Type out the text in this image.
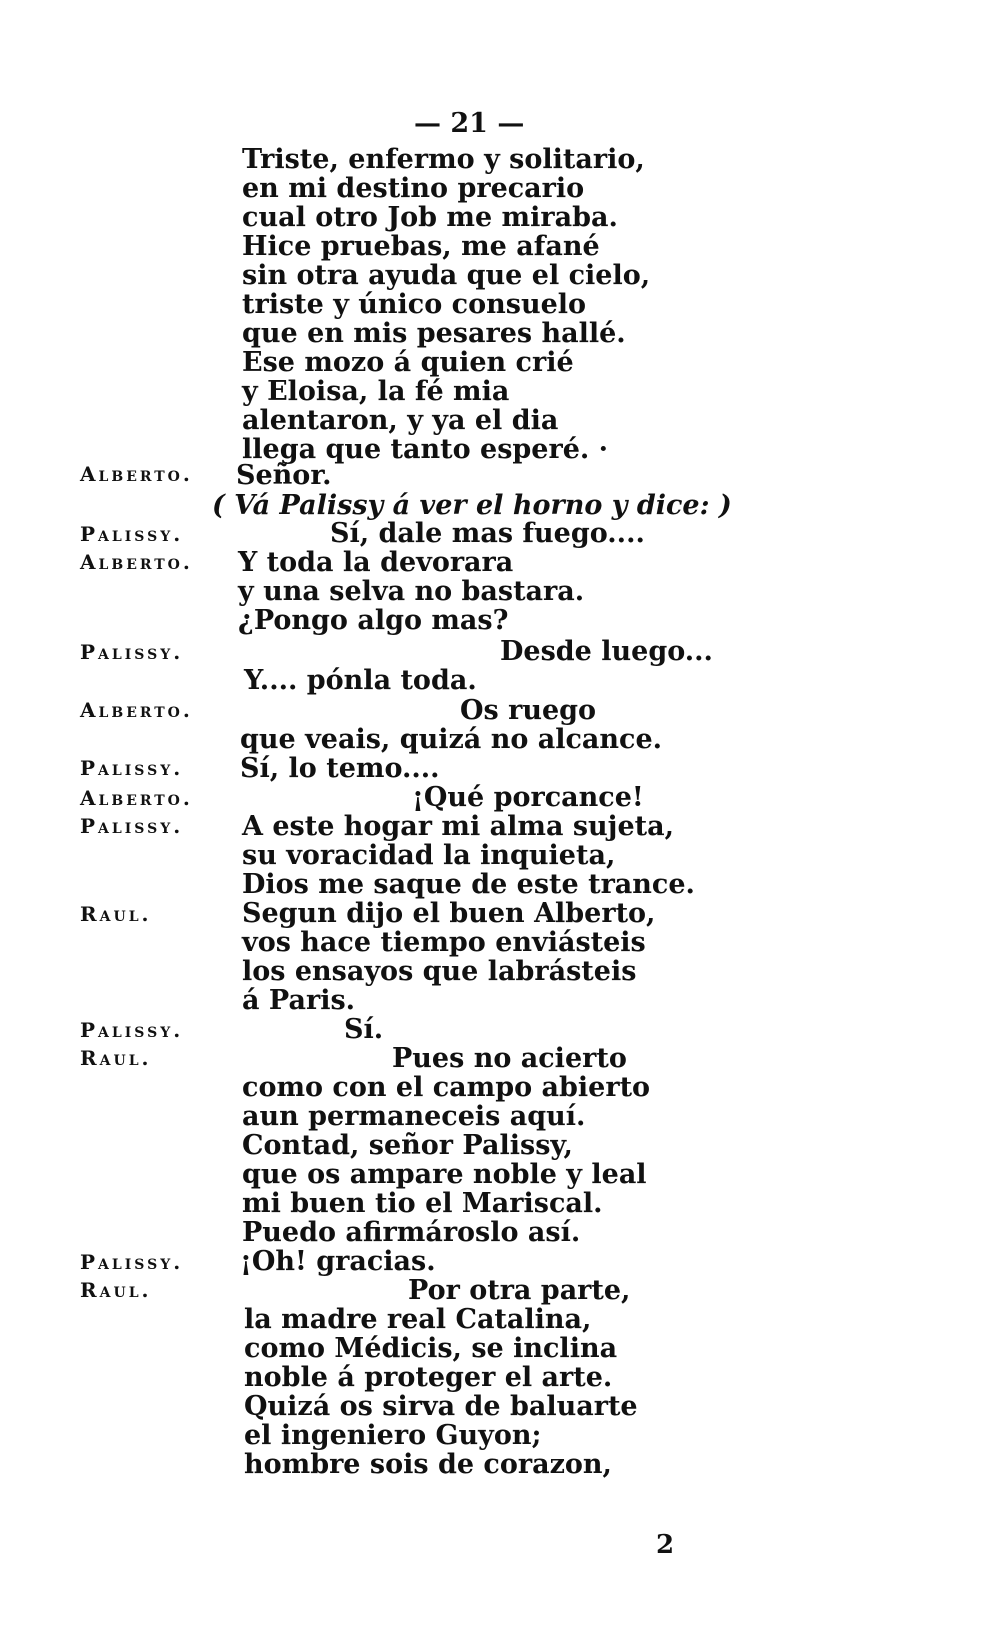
— 21 —
Alberto.
Palissy.
Alberto.
Palissy.
Alberto.
Palissy.
Alberto.
Palissy.
Raul.
Palissy.
Raul.
Palissy.
Raul.
Triste, enfermo y solitario,
en mi destino precario
cual otro Job me miraba.
Hice pruebas, me afané
sin otra ayuda que el cielo,
triste y único consuelo
que en mis pesares hallé.
Ese mozo á quien crié
y Eloisa, la fé mia
alentaron, y ya el dia
llega que tanto esperé. ·
Señor.
( Vá Palissy á ver el horno y dice: )
Sí, dale mas fuego....
Y toda la devorara
y una selva no bastara.
¿Pongo algo mas?
Desde luego...
Y.... pónla toda.
Os ruego
que veais, quizá no alcance.
Sí, lo temo....
¡Qué porcance!
A este hogar mi alma sujeta,
su voracidad la inquieta,
Dios me saque de este trance.
Segun dijo el buen Alberto,
vos hace tiempo enviásteis
los ensayos que labrásteis
á Paris.
Sí.
Pues no acierto
como con el campo abierto
aun permaneceis aquí.
Contad, señor Palissy,
que os ampare noble y leal
mi buen tio el Mariscal.
Puedo afirmároslo así.
¡Oh! gracias.
Por otra parte,
la madre real Catalina,
como Médicis, se inclina
noble á proteger el arte.
Quizá os sirva de baluarte
el ingeniero Guyon;
hombre sois de corazon,
2
